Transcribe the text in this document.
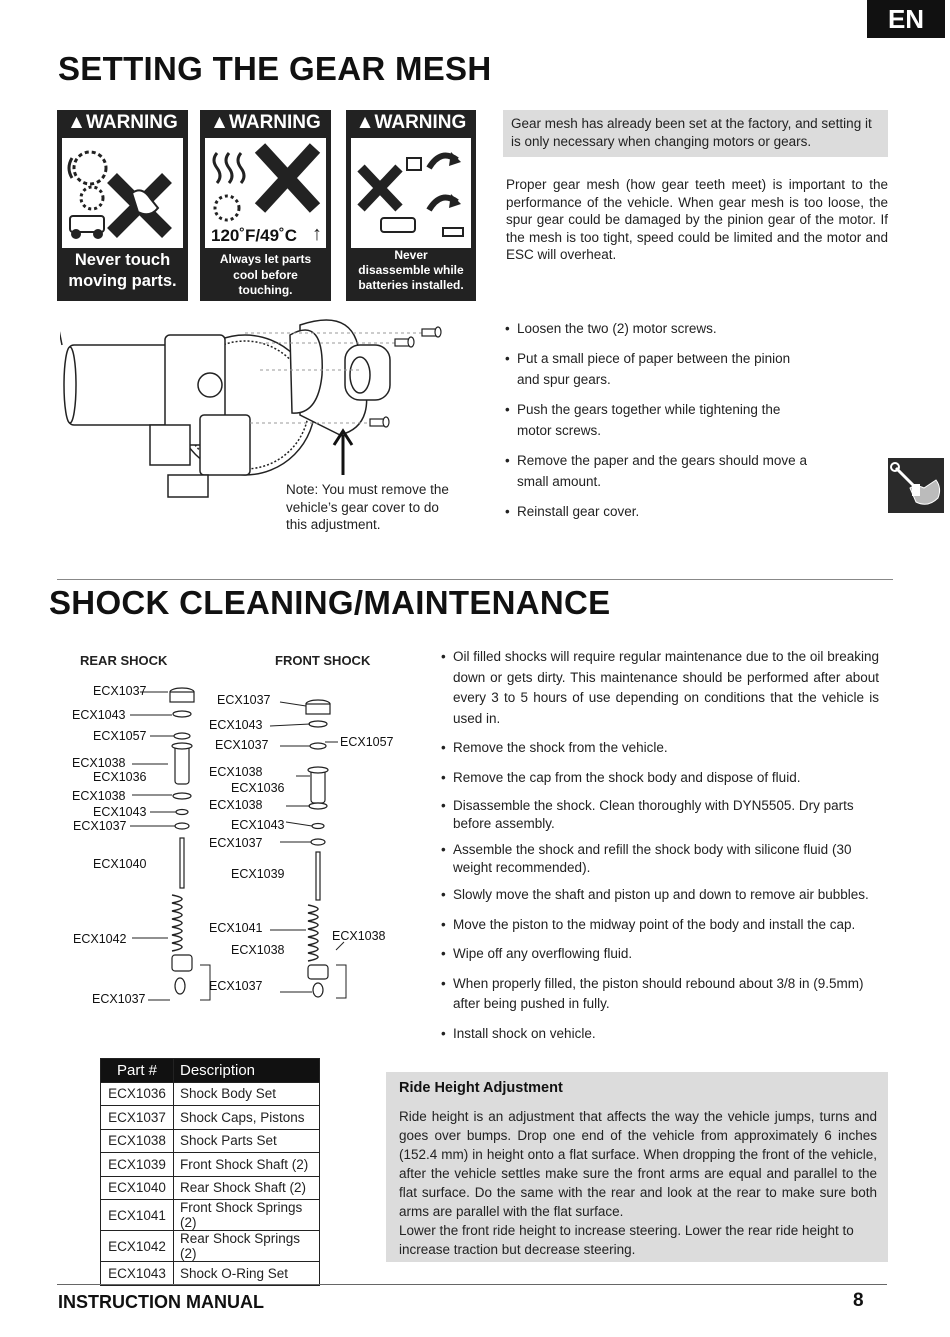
EN
SETTING THE GEAR MESH
▲WARNING
Never touch
moving parts.
▲WARNING
120˚F/49˚C ↑
Always let parts
cool before
touching.
▲WARNING
Never
disassemble while
batteries installed.
Gear mesh has already been set at the factory, and setting it is only necessary when changing motors or gears.
Proper gear mesh (how gear teeth meet) is important to the performance of the vehicle. When gear mesh is too loose, the spur gear could be damaged by the pinion gear of the motor. If the mesh is too tight, speed could be limited and the motor and ESC will overheat.
Note: You must remove the vehicle’s gear cover to do this adjustment.
• Loosen the two (2) motor screws.
• Put a small piece of paper between the pinion and spur gears.
• Push the gears together while tightening the motor screws.
• Remove the paper and the gears should move a small amount.
• Reinstall gear cover.
SHOCK CLEANING/MAINTENANCE
REAR SHOCK	FRONT SHOCK
ECX1037
ECX1043
ECX1057
ECX1038
ECX1036
ECX1038
ECX1043
ECX1037
ECX1040
ECX1042
ECX1037
ECX1037
ECX1043
ECX1037	ECX1057
ECX1038
ECX1036
ECX1038
ECX1043
ECX1037
ECX1039
ECX1041
ECX1038
ECX1038
ECX1037
• Oil filled shocks will require regular maintenance due to the oil breaking down or gets dirty. This maintenance should be performed after about every 3 to 5 hours of use depending on conditions that the vehicle is used in.
• Remove the shock from the vehicle.
• Remove the cap from the shock body and dispose of fluid.
• Disassemble the shock. Clean thoroughly with DYN5505. Dry parts before assembly.
• Assemble the shock and refill the shock body with silicone fluid (30 weight recommended).
• Slowly move the shaft and piston up and down to remove air bubbles.
• Move the piston to the midway point of the body and install the cap.
• Wipe off any overflowing fluid.
• When properly filled, the piston should rebound about 3/8 in (9.5mm) after being pushed in fully.
• Install shock on vehicle.
Part #	Description
ECX1036	Shock Body Set
ECX1037	Shock Caps, Pistons
ECX1038	Shock Parts Set
ECX1039	Front Shock Shaft (2)
ECX1040	Rear Shock Shaft (2)
ECX1041	Front Shock Springs (2)
ECX1042	Rear Shock Springs (2)
ECX1043	Shock O-Ring Set
Ride Height Adjustment
Ride height is an adjustment that affects the way the vehicle jumps, turns and goes over bumps. Drop one end of the vehicle from approximately 6 inches (152.4 mm) in height onto a flat surface. When dropping the front of the vehicle, after the vehicle settles make sure the front arms are equal and parallel to the flat surface. Do the same with the rear and look at the rear to make sure both arms are parallel with the flat surface.
Lower the front ride height to increase steering. Lower the rear ride height to increase traction but decrease steering.
INSTRUCTION MANUAL	8
